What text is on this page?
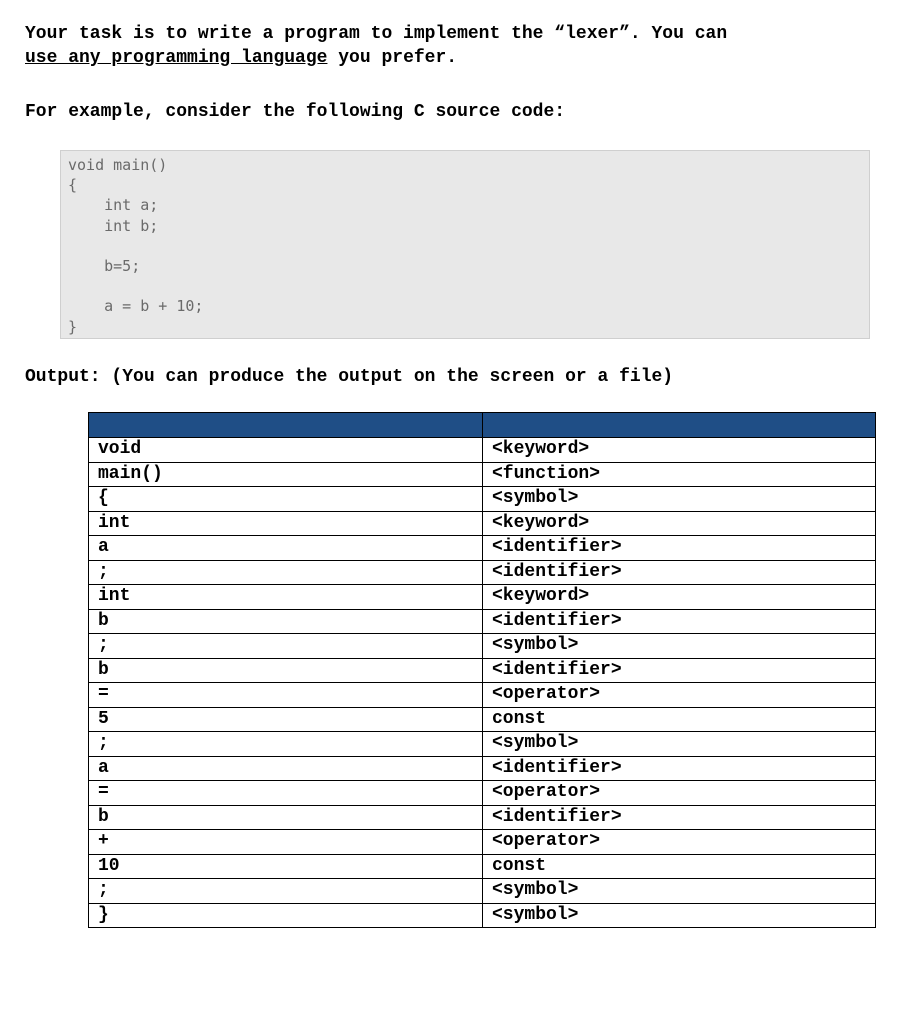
Your task is to write a program to implement the “lexer”. You can
use any programming language you prefer.
For example, consider the following C source code:
void main()
{
int a;
int b;
b=5;
a = b + 10;
}
Output: (You can produce the output on the screen or a file)

void	<keyword>
main()	<function>
{	<symbol>
int	<keyword>
a	<identifier>
;	<identifier>
int	<keyword>
b	<identifier>
;	<symbol>
b	<identifier>
=	<operator>
5	const
;	<symbol>
a	<identifier>
=	<operator>
b	<identifier>
+	<operator>
10	const
;	<symbol>
}	<symbol>
